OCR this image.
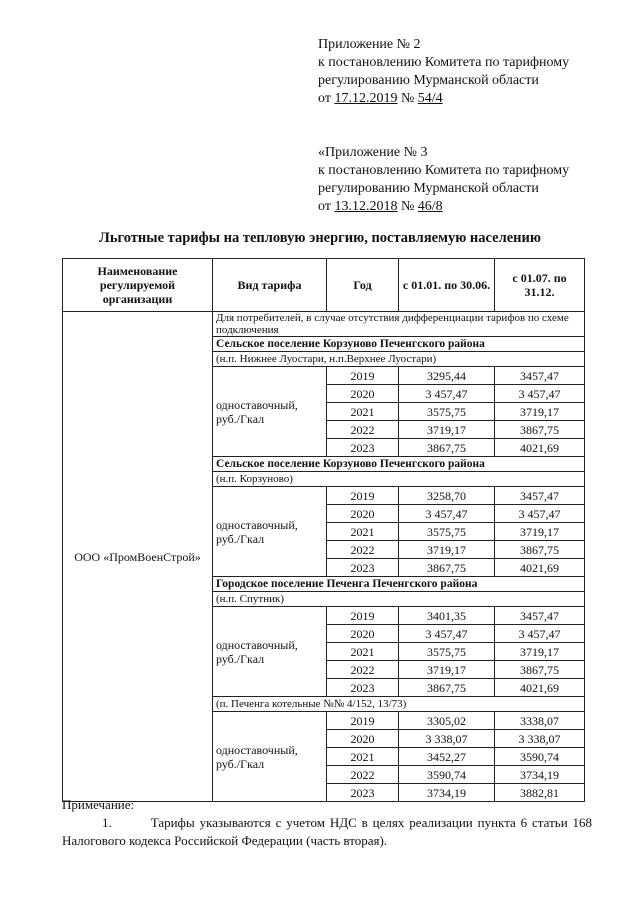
Приложение № 2
к постановлению Комитета по тарифному
регулированию Мурманской области
от 17.12.2019 № 54/4
«Приложение № 3
к постановлению Комитета по тарифному
регулированию Мурманской области
от 13.12.2018 № 46/8
Льготные тарифы на тепловую энергию, поставляемую населению
Наименование регулируемой организации	Вид тарифа	Год	с 01.01. по 30.06.	с 01.07. по 31.12.
ООО «ПромВоенСтрой»	Для потребителей, в случае отсутствия дифференциации тарифов по схеме подключения			
	Сельское поселение Корзуново Печенгского района			
	(н.п. Нижнее Луостари, н.п.Верхнее Луостари)			
	одноставочный, руб./Гкал	2019	3295,44	3457,47
		2020	3 457,47	3 457,47
		2021	3575,75	3719,17
		2022	3719,17	3867,75
		2023	3867,75	4021,69
	Сельское поселение Корзуново Печенгского района			
	(н.п. Корзуново)			
	одноставочный, руб./Гкал	2019	3258,70	3457,47
		2020	3 457,47	3 457,47
		2021	3575,75	3719,17
		2022	3719,17	3867,75
		2023	3867,75	4021,69
	Городское поселение Печенга Печенгского района			
	(н.п. Спутник)			
	одноставочный, руб./Гкал	2019	3401,35	3457,47
		2020	3 457,47	3 457,47
		2021	3575,75	3719,17
		2022	3719,17	3867,75
		2023	3867,75	4021,69
	(п. Печенга котельные №№ 4/152, 13/73)			
	одноставочный, руб./Гкал	2019	3305,02	3338,07
		2020	3 338,07	3 338,07
		2021	3452,27	3590,74
		2022	3590,74	3734,19
		2023	3734,19	3882,81
Примечание:
1.	Тарифы указываются с учетом НДС в целях реализации пункта 6 статьи 168 Налогового кодекса Российской Федерации (часть вторая).
